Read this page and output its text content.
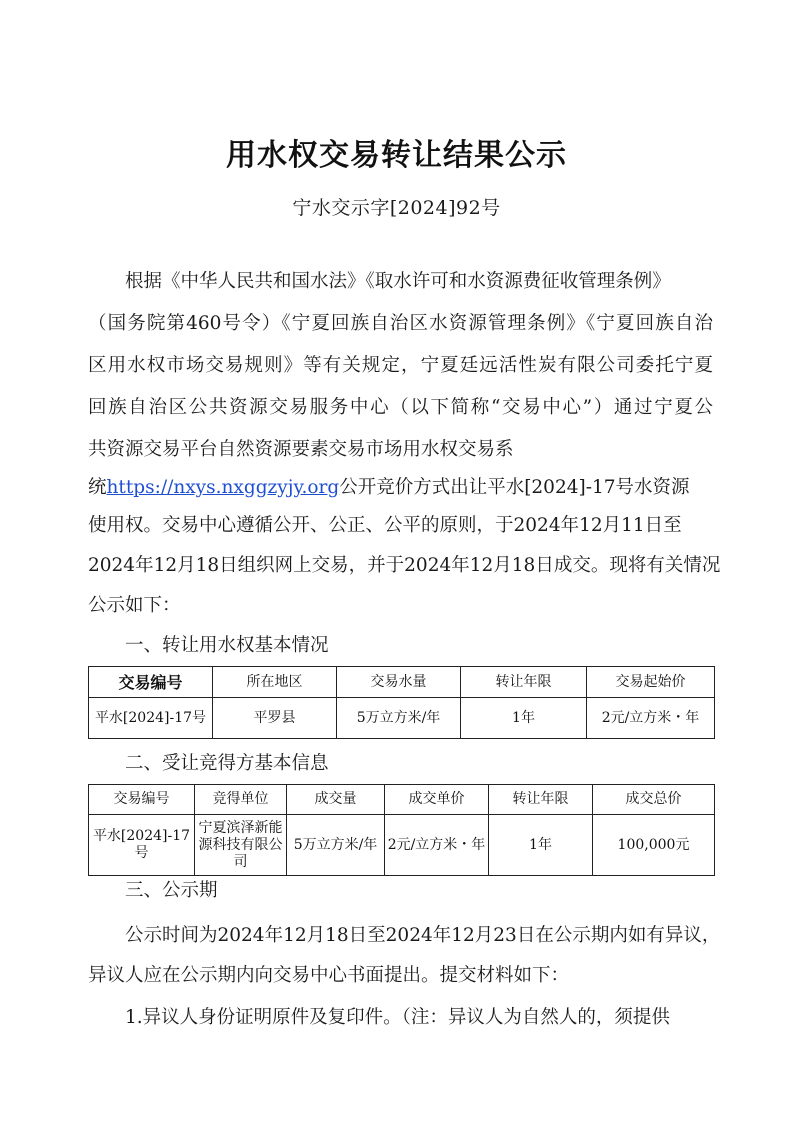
用水权交易转让结果公示
宁水交示字[2024]92号
根据《中华人民共和国水法》《取水许可和水资源费征收管理条例》
（国务院第460号令）《宁夏回族自治区水资源管理条例》《宁夏回族自治
区用水权市场交易规则》等有关规定，宁夏廷远活性炭有限公司委托宁夏
回族自治区公共资源交易服务中心（以下简称“交易中心”）通过宁夏公
共资源交易平台自然资源要素交易市场用水权交易系
统https://nxys.nxggzyjy.org公开竞价方式出让平水[2024]-17号水资源
使用权。交易中心遵循公开、公正、公平的原则，于2024年12月11日至
2024年12月18日组织网上交易，并于2024年12月18日成交。现将有关情况
公示如下：
一、转让用水权基本情况
交易编号	所在地区	交易水量	转让年限	交易起始价
平水[2024]-17号	平罗县	5万立方米/年	1年	2元/立方米・年
二、受让竞得方基本信息
交易编号	竞得单位	成交量	成交单价	转让年限	成交总价
平水[2024]-17号	宁夏滨泽新能源科技有限公司	5万立方米/年	2元/立方米・年	1年	100,000元
三、公示期
公示时间为2024年12月18日至2024年12月23日在公示期内如有异议，
异议人应在公示期内向交易中心书面提出。提交材料如下：
1.异议人身份证明原件及复印件。（注：异议人为自然人的，须提供
